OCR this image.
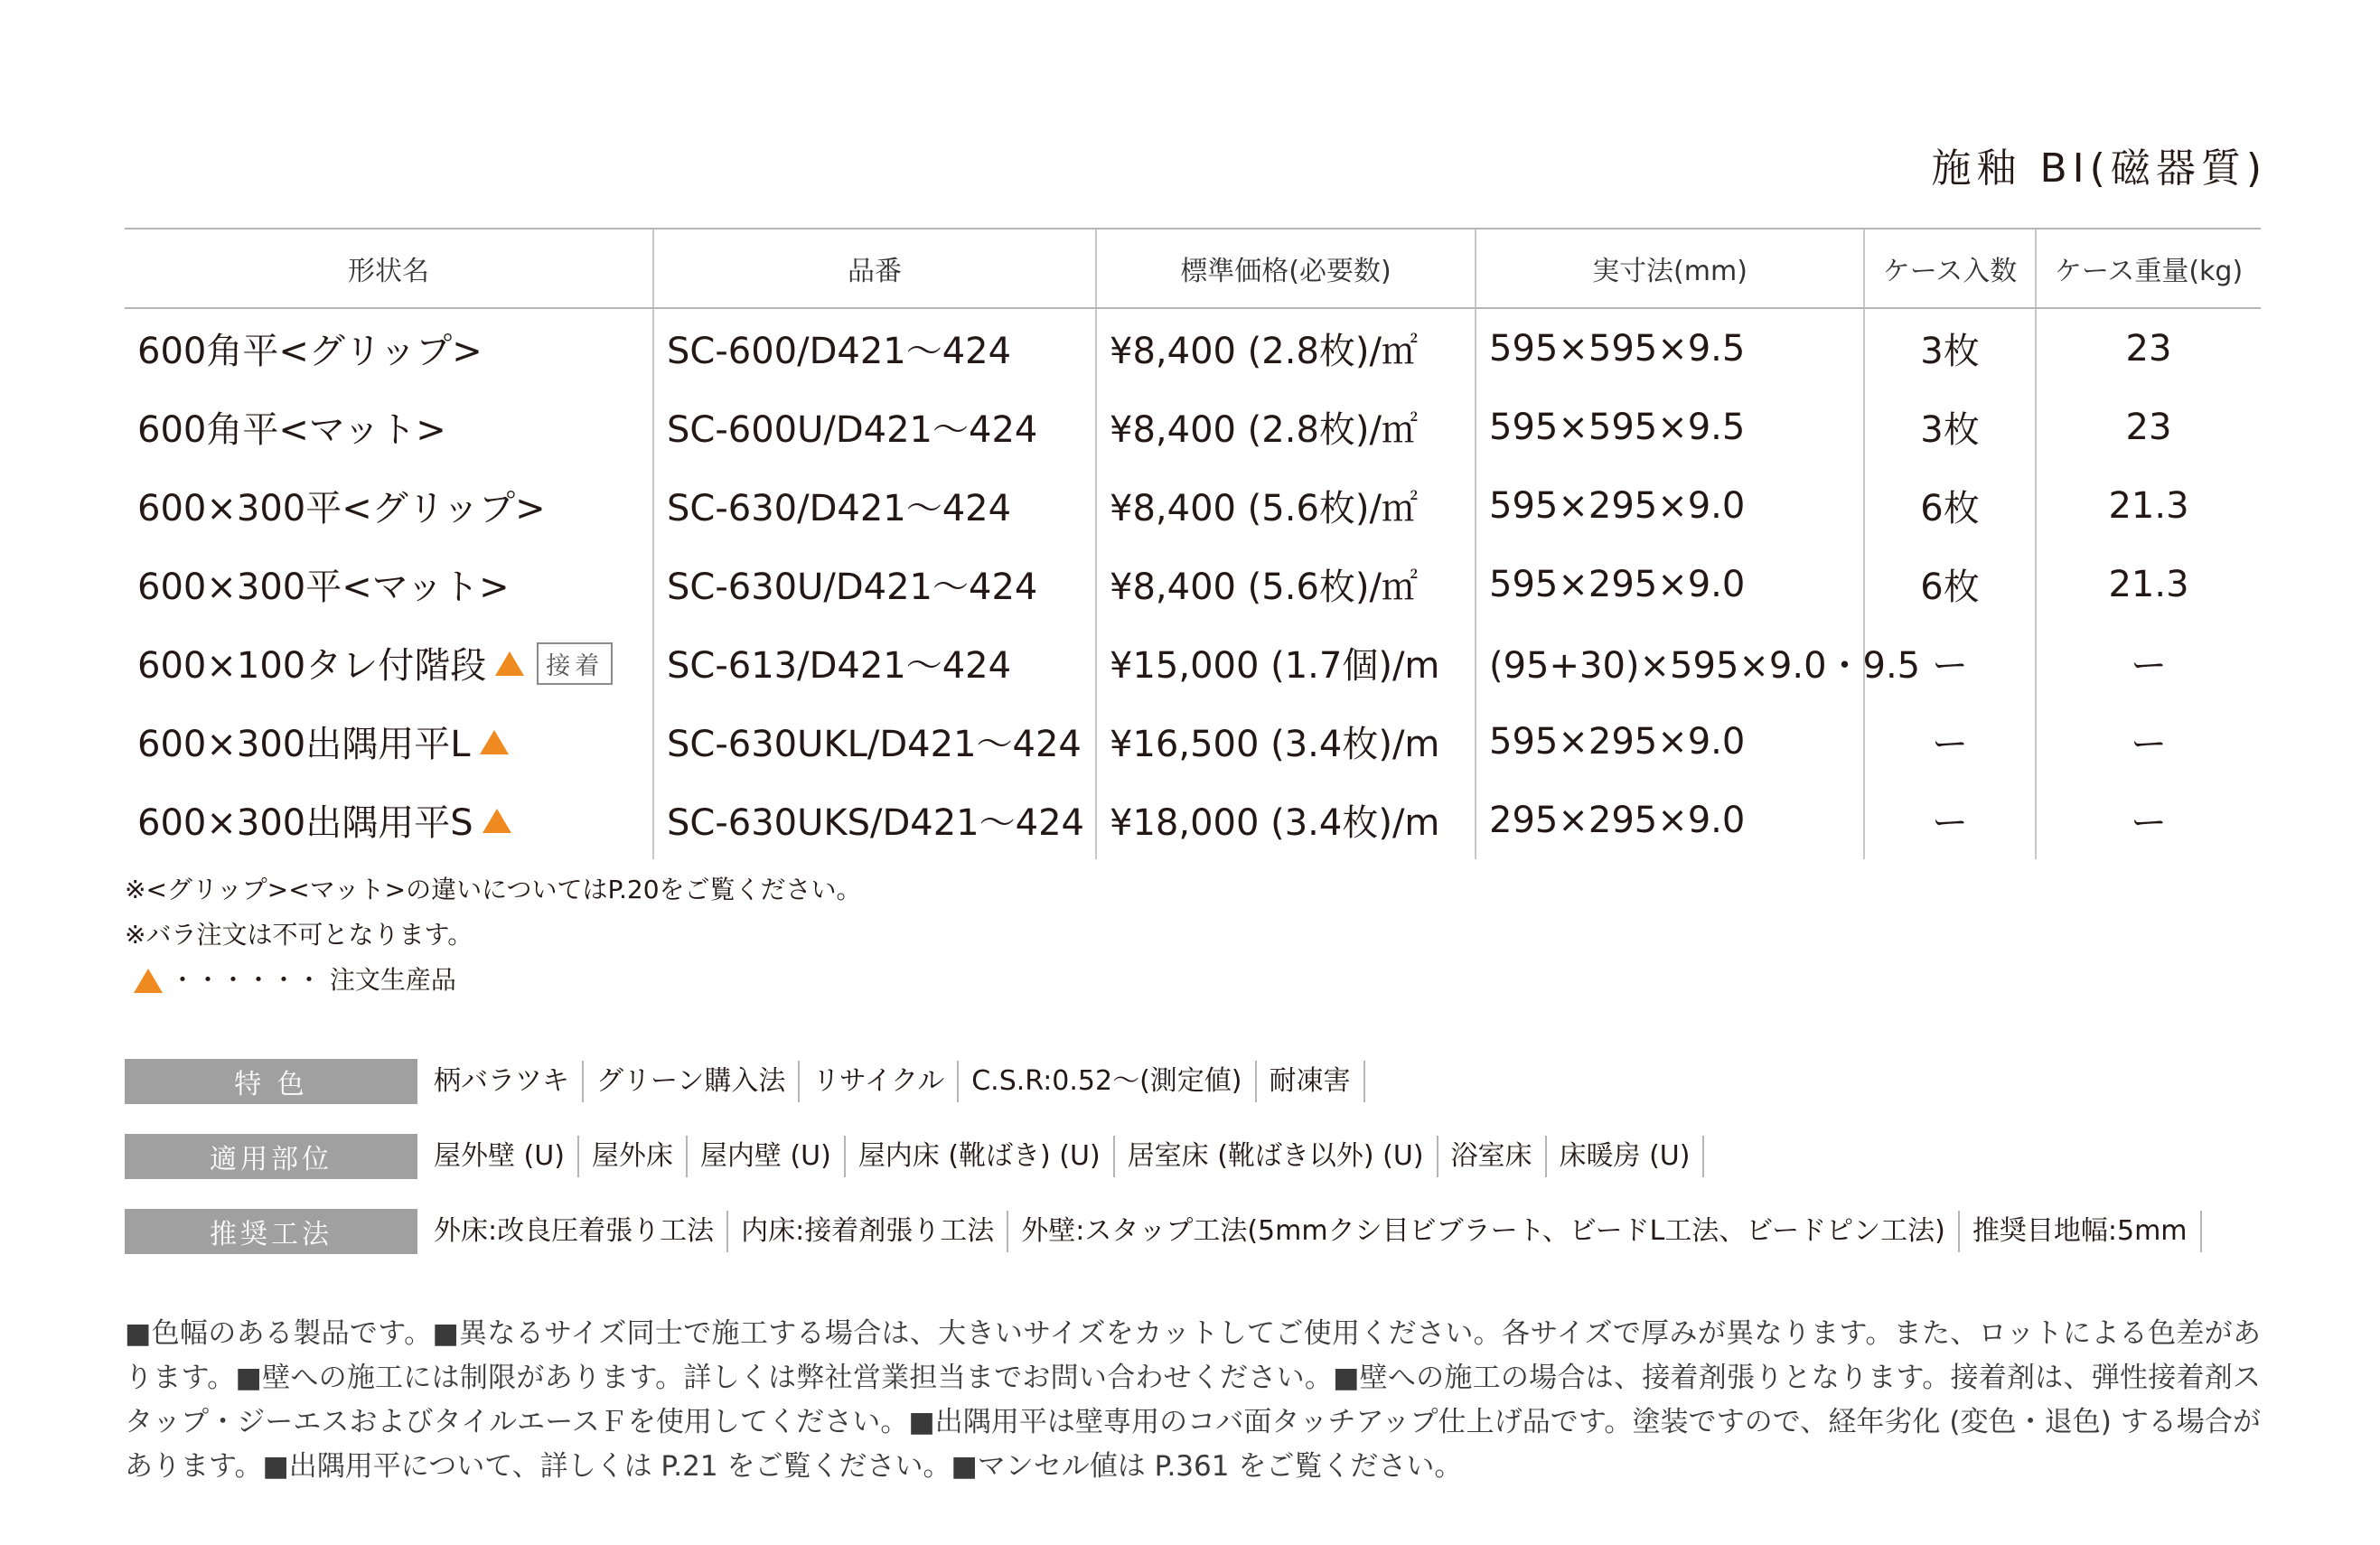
施釉 BⅠ(磁器質)
形状名	品番	標準価格(必要数)	実寸法(mm)	ケース入数	ケース重量(kg)
600角平<グリップ>	SC-600/D421〜424	¥8,400 (2.8枚)/㎡	595×595×9.5	3枚	23
600角平<マット>	SC-600U/D421〜424	¥8,400 (2.8枚)/㎡	595×595×9.5	3枚	23
600×300平<グリップ>	SC-630/D421〜424	¥8,400 (5.6枚)/㎡	595×295×9.0	6枚	21.3
600×300平<マット>	SC-630U/D421〜424	¥8,400 (5.6枚)/㎡	595×295×9.0	6枚	21.3
600×100タレ付階段 接着	SC-613/D421〜424	¥15,000 (1.7個)/m	(95+30)×595×9.0・9.5	ー	ー
600×300出隅用平L	SC-630UKL/D421〜424	¥16,500 (3.4枚)/m	595×295×9.0	ー	ー
600×300出隅用平S	SC-630UKS/D421〜424	¥18,000 (3.4枚)/m	295×295×9.0	ー	ー
※<グリップ><マット>の違いについてはP.20をご覧ください。
※バラ注文は不可となります。
・・・・・・ 注文生産品
特 色	柄バラツキ	グリーン購入法	リサイクル	C.S.R:0.52〜(測定値)	耐凍害
適用部位	屋外壁 (U)	屋外床	屋内壁 (U)	屋内床 (靴ばき) (U)	居室床 (靴ばき以外) (U)	浴室床	床暖房 (U)
推奨工法	外床:改良圧着張り工法	内床:接着剤張り工法	外壁:スタップ工法(5mmクシ目ビブラート、ビードL工法、ビードピン工法)	推奨目地幅:5mm
■色幅のある製品です。■異なるサイズ同士で施工する場合は、大きいサイズをカットしてご使用ください。各サイズで厚みが異なります。また、ロットによる色差があります。■壁への施工には制限があります。詳しくは弊社営業担当までお問い合わせください。■壁への施工の場合は、接着剤張りとなります。接着剤は、弾性接着剤スタップ・ジーエスおよびタイルエースＦを使用してください。■出隅用平は壁専用のコバ面タッチアップ仕上げ品です。塗装ですので、経年劣化 (変色・退色) する場合があります。■出隅用平について、詳しくは P.21 をご覧ください。■マンセル値は P.361 をご覧ください。
